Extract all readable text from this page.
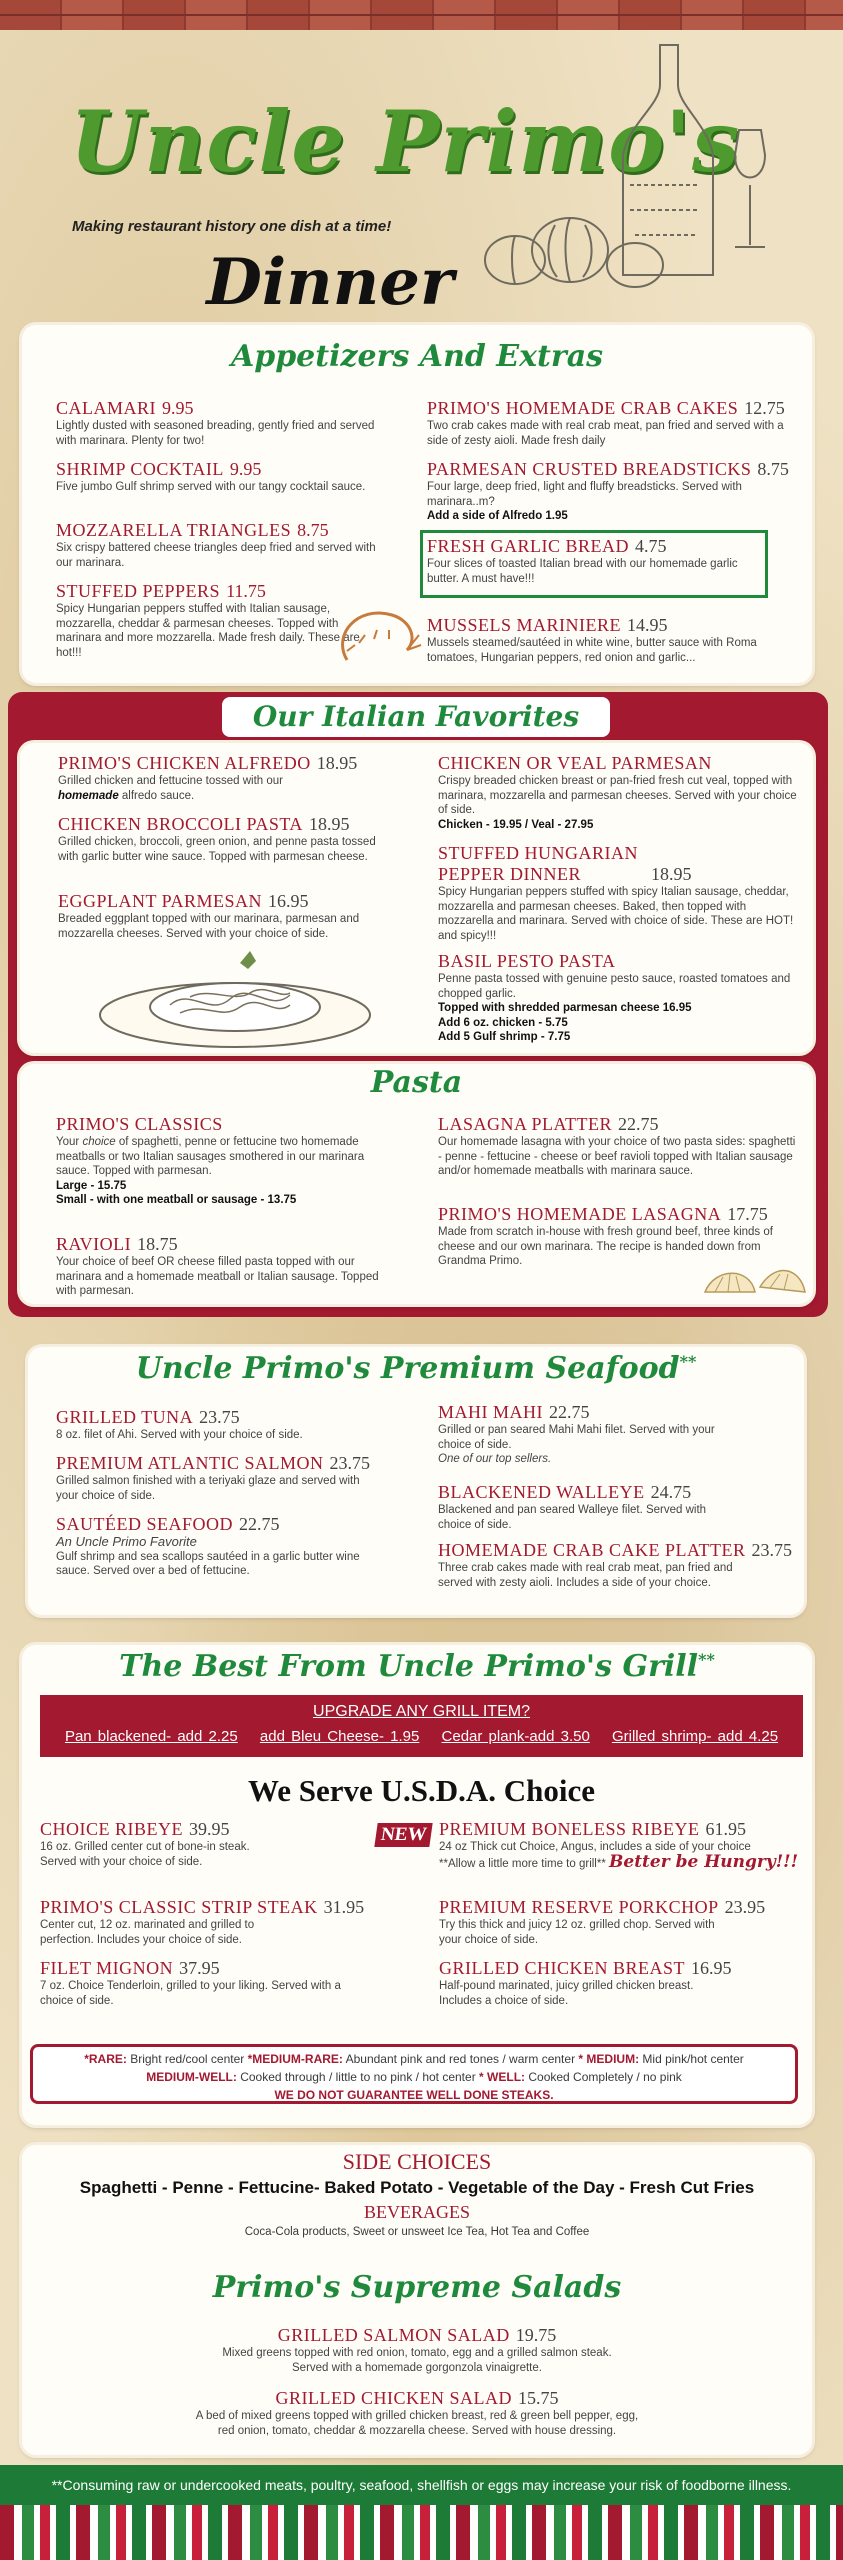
Uncle Primo's
Making restaurant history one dish at a time!
Dinner
Appetizers And Extras
CALAMARI 9.95
Lightly dusted with seasoned breading, gently fried and served with marinara. Plenty for two!
SHRIMP COCKTAIL 9.95
Five jumbo Gulf shrimp served with our tangy cocktail sauce.
MOZZARELLA TRIANGLES 8.75
Six crispy battered cheese triangles deep fried and served with our marinara.
STUFFED PEPPERS 11.75
Spicy Hungarian peppers stuffed with Italian sausage, mozzarella, cheddar & parmesan cheeses. Topped with marinara and more mozzarella. Made fresh daily. These are hot!!!
PRIMO'S HOMEMADE CRAB CAKES 12.75
Two crab cakes made with real crab meat, pan fried and served with a side of zesty aioli. Made fresh daily
PARMESAN CRUSTED BREADSTICKS 8.75
Four large, deep fried, light and fluffy breadsticks. Served with marinara..m?
Add a side of Alfredo 1.95
FRESH GARLIC BREAD 4.75
Four slices of toasted Italian bread with our homemade garlic butter. A must have!!!
MUSSELS MARINIERE 14.95
Mussels steamed/sautéed in white wine, butter sauce with Roma tomatoes, Hungarian peppers, red onion and garlic...
Our Italian Favorites
PRIMO'S CHICKEN ALFREDO 18.95
Grilled chicken and fettucine tossed with our
homemade alfredo sauce.
CHICKEN BROCCOLI PASTA 18.95
Grilled chicken, broccoli, green onion, and penne pasta tossed with garlic butter wine sauce. Topped with parmesan cheese.
EGGPLANT PARMESAN 16.95
Breaded eggplant topped with our marinara, parmesan and mozzarella cheeses. Served with your choice of side.
CHICKEN OR VEAL PARMESAN
Crispy breaded chicken breast or pan-fried fresh cut veal, topped with marinara, mozzarella and parmesan cheeses. Served with your choice of side.
Chicken - 19.95 / Veal - 27.95
STUFFED HUNGARIAN
PEPPER DINNER	18.95
Spicy Hungarian peppers stuffed with spicy Italian sausage, cheddar, mozzarella and parmesan cheeses. Baked, then topped with mozzarella and marinara. Served with choice of side. These are HOT! and spicy!!!
BASIL PESTO PASTA
Penne pasta tossed with genuine pesto sauce, roasted tomatoes and chopped garlic.
Topped with shredded parmesan cheese 16.95
Add 6 oz. chicken - 5.75
Add 5 Gulf shrimp - 7.75
Pasta
PRIMO'S CLASSICS
Your choice of spaghetti, penne or fettucine two homemade meatballs or two Italian sausages smothered in our marinara sauce. Topped with parmesan.
Large - 15.75
Small - with one meatball or sausage - 13.75
RAVIOLI 18.75
Your choice of beef OR cheese filled pasta topped with our marinara and a homemade meatball or Italian sausage. Topped with parmesan.
LASAGNA PLATTER 22.75
Our homemade lasagna with your choice of two pasta sides: spaghetti - penne - fettucine - cheese or beef ravioli topped with Italian sausage and/or homemade meatballs with marinara sauce.
PRIMO'S HOMEMADE LASAGNA 17.75
Made from scratch in-house with fresh ground beef, three kinds of cheese and our own marinara. The recipe is handed down from Grandma Primo.
Uncle Primo's Premium Seafood**
GRILLED TUNA 23.75
8 oz. filet of Ahi. Served with your choice of side.
PREMIUM ATLANTIC SALMON 23.75
Grilled salmon finished with a teriyaki glaze and served with your choice of side.
SAUTÉED SEAFOOD 22.75
An Uncle Primo Favorite
Gulf shrimp and sea scallops sautéed in a garlic butter wine sauce. Served over a bed of fettucine.
MAHI MAHI 22.75
Grilled or pan seared Mahi Mahi filet. Served with your choice of side.
One of our top sellers.
BLACKENED WALLEYE 24.75
Blackened and pan seared Walleye filet. Served with choice of side.
HOMEMADE CRAB CAKE PLATTER 23.75
Three crab cakes made with real crab meat, pan fried and served with zesty aioli. Includes a side of your choice.
The Best From Uncle Primo's Grill**
UPGRADE ANY GRILL ITEM?
Pan blackened- add 2.25 add Bleu Cheese- 1.95 Cedar plank-add 3.50 Grilled shrimp- add 4.25
We Serve U.S.D.A. Choice
CHOICE RIBEYE 39.95
16 oz. Grilled center cut of bone-in steak. Served with your choice of side.
PRIMO'S CLASSIC STRIP STEAK 31.95
Center cut, 12 oz. marinated and grilled to perfection. Includes your choice of side.
FILET MIGNON 37.95
7 oz. Choice Tenderloin, grilled to your liking. Served with a choice of side.
NEW PREMIUM BONELESS RIBEYE 61.95
24 oz Thick cut Choice, Angus, includes a side of your choice
**Allow a little more time to grill** Better be Hungry!!!
PREMIUM RESERVE PORKCHOP 23.95
Try this thick and juicy 12 oz. grilled chop. Served with your choice of side.
GRILLED CHICKEN BREAST 16.95
Half-pound marinated, juicy grilled chicken breast. Includes a choice of side.
*RARE: Bright red/cool center *MEDIUM-RARE: Abundant pink and red tones / warm center * MEDIUM: Mid pink/hot center
MEDIUM-WELL: Cooked through / little to no pink / hot center * WELL: Cooked Completely / no pink
WE DO NOT GUARANTEE WELL DONE STEAKS.
SIDE CHOICES
Spaghetti - Penne - Fettucine- Baked Potato - Vegetable of the Day - Fresh Cut Fries
BEVERAGES
Coca-Cola products, Sweet or unsweet Ice Tea, Hot Tea and Coffee
Primo's Supreme Salads
GRILLED SALMON SALAD 19.75
Mixed greens topped with red onion, tomato, egg and a grilled salmon steak.
Served with a homemade gorgonzola vinaigrette.
GRILLED CHICKEN SALAD 15.75
A bed of mixed greens topped with grilled chicken breast, red & green bell pepper, egg,
red onion, tomato, cheddar & mozzarella cheese. Served with house dressing.
**Consuming raw or undercooked meats, poultry, seafood, shellfish or eggs may increase your risk of foodborne illness.
